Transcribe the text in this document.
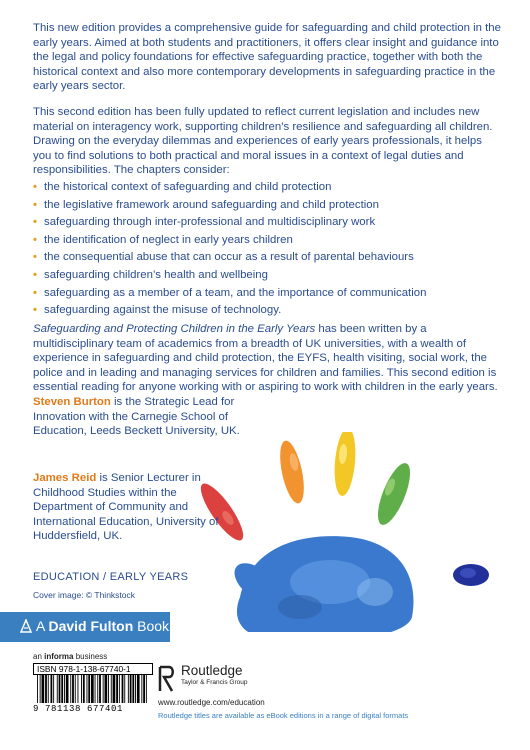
This new edition provides a comprehensive guide for safeguarding and child protection in the early years. Aimed at both students and practitioners, it offers clear insight and guidance into the legal and policy foundations for effective safeguarding practice, together with both the historical context and also more contemporary developments in safeguarding practice in the early years sector.

This second edition has been fully updated to reflect current legislation and includes new material on interagency work, supporting children’s resilience and safeguarding all children. Drawing on the everyday dilemmas and experiences of early years professionals, it helps you to find solutions to both practical and moral issues in a context of legal duties and responsibilities. The chapters consider:

• the historical context of safeguarding and child protection
• the legislative framework around safeguarding and child protection
• safeguarding through inter-professional and multidisciplinary work
• the identification of neglect in early years children
• the consequential abuse that can occur as a result of parental behaviours
• safeguarding children’s health and wellbeing
• safeguarding as a member of a team, and the importance of communication
• safeguarding against the misuse of technology.

Safeguarding and Protecting Children in the Early Years has been written by a multidisciplinary team of academics from a breadth of UK universities, with a wealth of experience in safeguarding and child protection, the EYFS, health visiting, social work, the police and in leading and managing services for children and families. This second edition is essential reading for anyone working with or aspiring to work with children in the early years.

Steven Burton is the Strategic Lead for Innovation with the Carnegie School of Education, Leeds Beckett University, UK.

James Reid is Senior Lecturer in Childhood Studies within the Department of Community and International Education, University of Huddersfield, UK.

EDUCATION / EARLY YEARS
Cover image: © Thinkstock
A David Fulton Book
an informa business
ISBN 978-1-138-67740-1
9 781138 677401
Routledge
Taylor & Francis Group
www.routledge.com/education
Routledge titles are available as eBook editions in a range of digital formats
